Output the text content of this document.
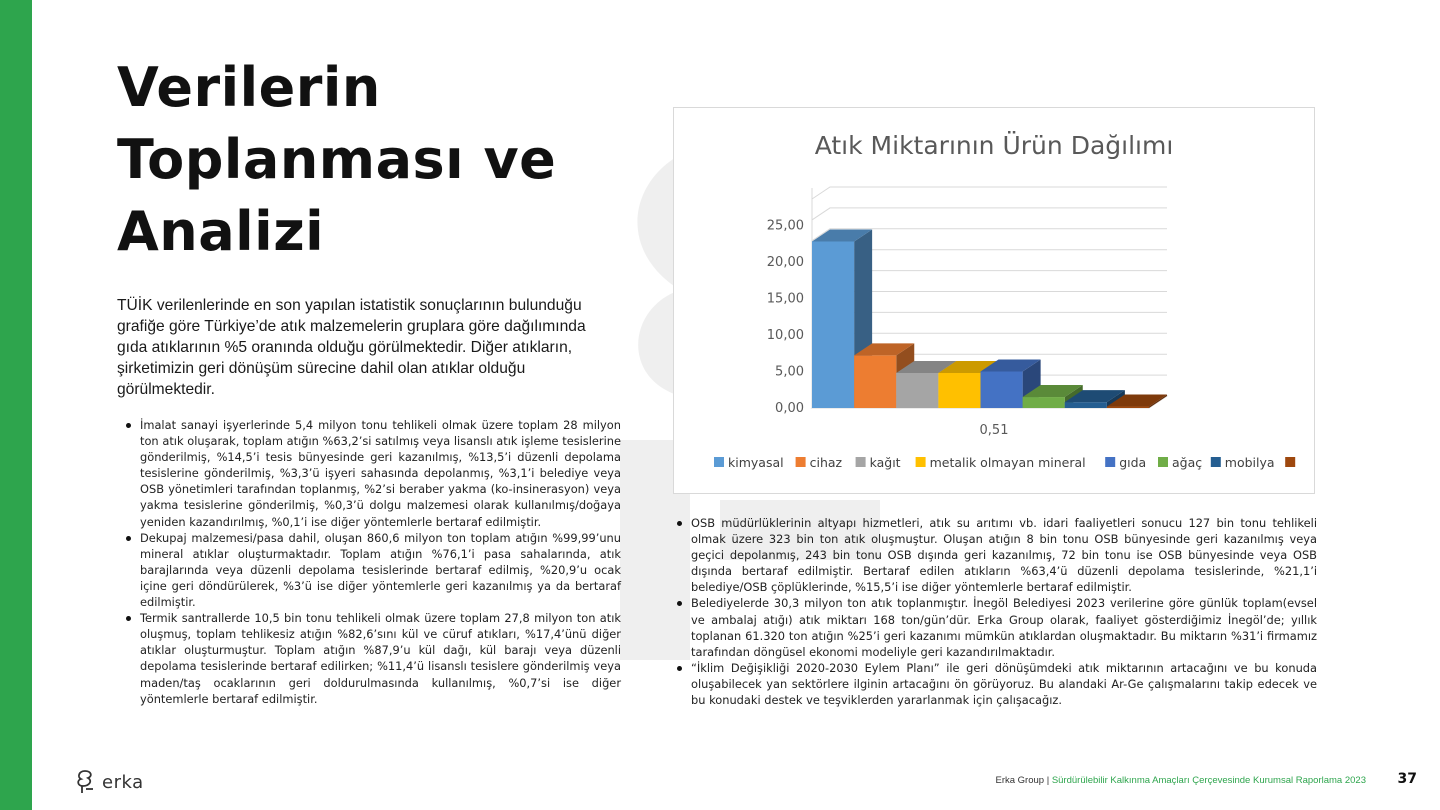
Verilerin
Toplanması ve
Analizi

TÜİK verilenlerinde en son yapılan istatistik sonuçlarının bulunduğu grafiğe göre Türkiye’de atık malzemelerin gruplara göre dağılımında gıda atıklarının %5 oranında olduğu görülmektedir. Diğer atıkların, şirketimizin geri dönüşüm sürecine dahil olan atıklar olduğu görülmektedir.

İmalat sanayi işyerlerinde 5,4 milyon tonu tehlikeli olmak üzere toplam 28 milyon ton atık oluşarak, toplam atığın %63,2’si satılmış veya lisanslı atık işleme tesislerine gönderilmiş, %14,5’i tesis bünyesinde geri kazanılmış, %13,5’i düzenli depolama tesislerine gönderilmiş, %3,3’ü işyeri sahasında depolanmış, %3,1’i belediye veya OSB yönetimleri tarafından toplanmış, %2’si beraber yakma (ko-insinerasyon) veya yakma tesislerine gönderilmiş, %0,3’ü dolgu malzemesi olarak kullanılmış/doğaya yeniden kazandırılmış, %0,1’i ise diğer yöntemlerle bertaraf edilmiştir.
Dekupaj malzemesi/pasa dahil, oluşan 860,6 milyon ton toplam atığın %99,99’unu mineral atıklar oluşturmaktadır. Toplam atığın %76,1’i pasa sahalarında, atık barajlarında veya düzenli depolama tesislerinde bertaraf edilmiş, %20,9’u ocak içine geri döndürülerek, %3’ü ise diğer yöntemlerle geri kazanılmış ya da bertaraf edilmiştir.
Termik santrallerde 10,5 bin tonu tehlikeli olmak üzere toplam 27,8 milyon ton atık oluşmuş, toplam tehlikesiz atığın %82,6’sını kül ve cüruf atıkları, %17,4’ünü diğer atıklar oluşturmuştur. Toplam atığın %87,9’u kül dağı, kül barajı veya düzenli depolama tesislerinde bertaraf edilirken; %11,4’ü lisanslı tesislere gönderilmiş veya maden/taş ocaklarının geri doldurulmasında kullanılmış, %0,7’si ise diğer yöntemlerle bertaraf edilmiştir.
Atık Miktarının Ürün Dağılımı
0,00
5,00
10,00
15,00
20,00
25,00
0,51
kimyasal cihaz kağıt metalik olmayan mineral	gıda ağaç mobilya
OSB müdürlüklerinin altyapı hizmetleri, atık su arıtımı vb. idari faaliyetleri sonucu 127 bin tonu tehlikeli olmak üzere 323 bin ton atık oluşmuştur. Oluşan atığın 8 bin tonu OSB bünyesinde geri kazanılmış veya geçici depolanmış, 243 bin tonu OSB dışında geri kazanılmış, 72 bin tonu ise OSB bünyesinde veya OSB dışında bertaraf edilmiştir. Bertaraf edilen atıkların %63,4’ü düzenli depolama tesislerinde, %21,1’i belediye/OSB çöplüklerinde, %15,5’i ise diğer yöntemlerle bertaraf edilmiştir.
Belediyelerde 30,3 milyon ton atık toplanmıştır. İnegöl Belediyesi 2023 verilerine göre günlük toplam(evsel ve ambalaj atığı) atık miktarı 168 ton/gün’dür. Erka Group olarak, faaliyet gösterdiğimiz İnegöl’de; yıllık toplanan 61.320 ton atığın %25’i geri kazanımı mümkün atıklardan oluşmaktadır. Bu miktarın %31’i firmamız tarafından döngüsel ekonomi modeliyle geri kazandırılmaktadır.
“İklim Değişikliği 2020-2030 Eylem Planı” ile geri dönüşümdeki atık miktarının artacağını ve bu konuda oluşabilecek yan sektörlere ilginin artacağını ön görüyoruz. Bu alandaki Ar-Ge çalışmalarını takip edecek ve bu konudaki destek ve teşviklerden yararlanmak için çalışacağız.
erka	Erka Group | Sürdürülebilir Kalkınma Amaçları Çerçevesinde Kurumsal Raporlama 2023 37
